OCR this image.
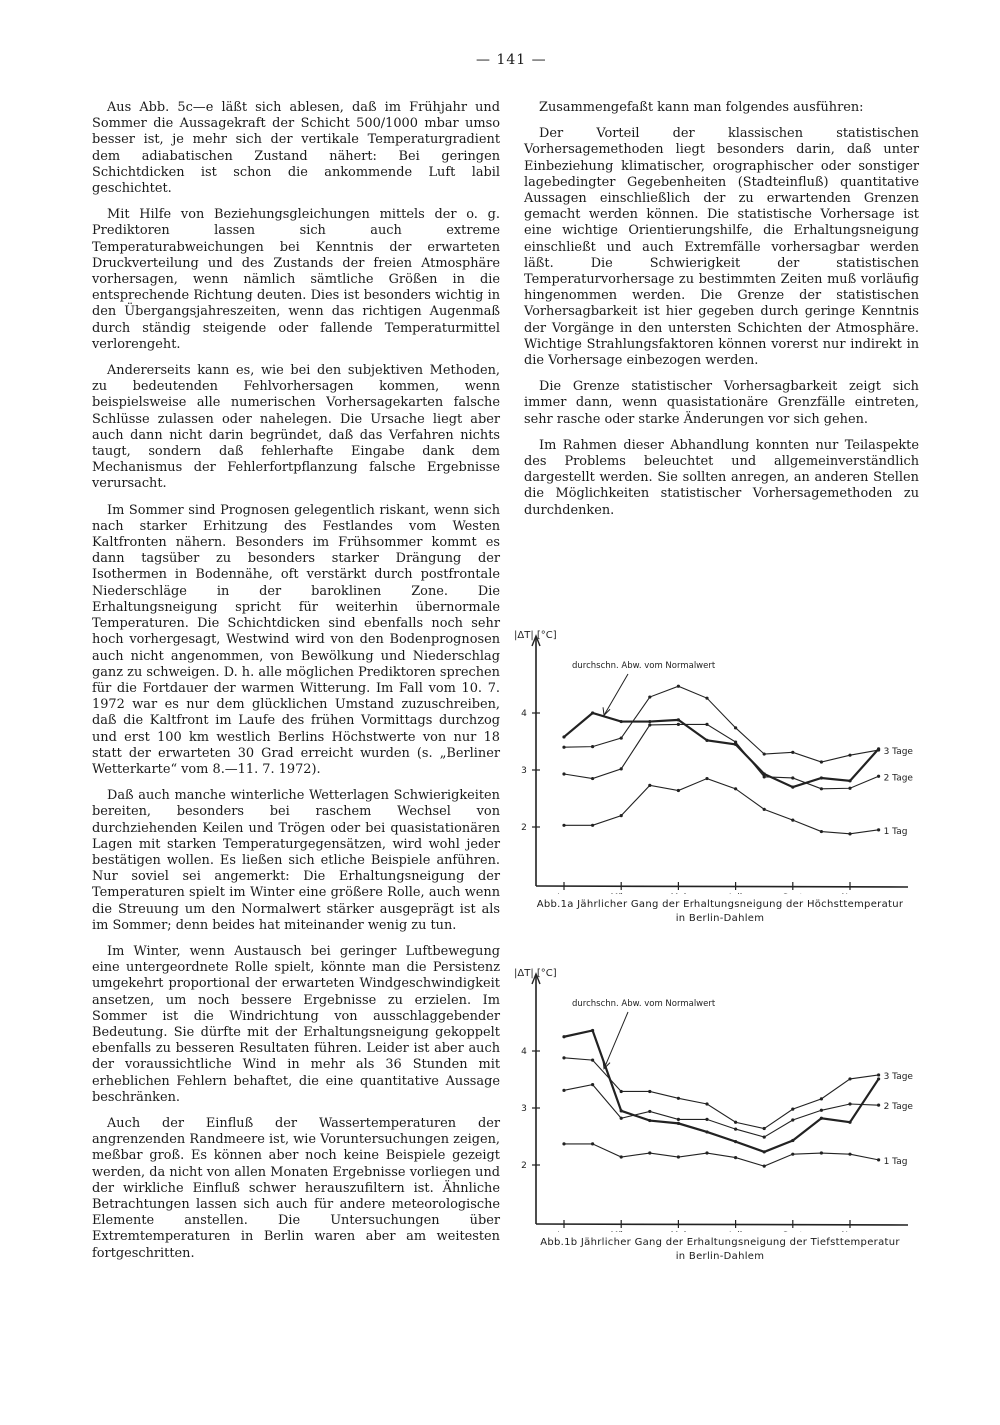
— 141 —

Aus Abb. 5c—e läßt sich ablesen, daß im Frühjahr und Sommer die Aussagekraft der Schicht 500/1000 mbar umso besser ist, je mehr sich der vertikale Temperaturgradient dem adiabatischen Zustand nähert: Bei geringen Schichtdicken ist schon die ankommende Luft labil geschichtet.

Mit Hilfe von Beziehungsgleichungen mittels der o. g. Prediktoren lassen sich auch extreme Temperaturabweichungen bei Kenntnis der erwarteten Druckverteilung und des Zustands der freien Atmosphäre vorhersagen, wenn nämlich sämtliche Größen in die entsprechende Richtung deuten. Dies ist besonders wichtig in den Übergangsjahreszeiten, wenn das richtigen Augenmaß durch ständig steigende oder fallende Temperaturmittel verlorengeht.

Andererseits kann es, wie bei den subjektiven Methoden, zu bedeutenden Fehlvorhersagen kommen, wenn beispielsweise alle numerischen Vorhersagekarten falsche Schlüsse zulassen oder nahelegen. Die Ursache liegt aber auch dann nicht darin begründet, daß das Verfahren nichts taugt, sondern daß fehlerhafte Eingabe dank dem Mechanismus der Fehlerfortpflanzung falsche Ergebnisse verursacht.

Im Sommer sind Prognosen gelegentlich riskant, wenn sich nach starker Erhitzung des Festlandes vom Westen Kaltfronten nähern. Besonders im Frühsommer kommt es dann tagsüber zu besonders starker Drängung der Isothermen in Bodennähe, oft verstärkt durch postfrontale Niederschläge in der baroklinen Zone. Die Erhaltungsneigung spricht für weiterhin übernormale Temperaturen. Die Schichtdicken sind ebenfalls noch sehr hoch vorhergesagt, Westwind wird von den Bodenprognosen auch nicht angenommen, von Bewölkung und Niederschlag ganz zu schweigen. D. h. alle möglichen Prediktoren sprechen für die Fortdauer der warmen Witterung. Im Fall vom 10. 7. 1972 war es nur dem glücklichen Umstand zuzuschreiben, daß die Kaltfront im Laufe des frühen Vormittags durchzog und erst 100 km westlich Berlins Höchstwerte von nur 18 statt der erwarteten 30 Grad erreicht wurden (s. „Berliner Wetterkarte“ vom 8.—11. 7. 1972).

Daß auch manche winterliche Wetterlagen Schwierigkeiten bereiten, besonders bei raschem Wechsel von durchziehenden Keilen und Trögen oder bei quasistationären Lagen mit starken Temperaturgegensätzen, wird wohl jeder bestätigen wollen. Es ließen sich etliche Beispiele anführen. Nur soviel sei angemerkt: Die Erhaltungsneigung der Temperaturen spielt im Winter eine größere Rolle, auch wenn die Streuung um den Normalwert stärker ausgeprägt ist als im Sommer; denn beides hat miteinander wenig zu tun.

Im Winter, wenn Austausch bei geringer Luftbewegung eine untergeordnete Rolle spielt, könnte man die Persistenz umgekehrt proportional der erwarteten Windgeschwindigkeit ansetzen, um noch bessere Ergebnisse zu erzielen. Im Sommer ist die Windrichtung von ausschlaggebender Bedeutung. Sie dürfte mit der Erhaltungsneigung gekoppelt ebenfalls zu besseren Resultaten führen. Leider ist aber auch der voraussichtliche Wind in mehr als 36 Stunden mit erheblichen Fehlern behaftet, die eine quantitative Aussage beschränken.

Auch der Einfluß der Wassertemperaturen der angrenzenden Randmeere ist, wie Voruntersuchungen zeigen, meßbar groß. Es können aber noch keine Beispiele gezeigt werden, da nicht von allen Monaten Ergebnisse vorliegen und der wirkliche Einfluß schwer herauszufiltern ist. Ähnliche Betrachtungen lassen sich auch für andere meteorologische Elemente anstellen. Die Untersuchungen über Extremtemperaturen in Berlin waren aber am weitesten fortgeschritten.

Zusammengefaßt kann man folgendes ausführen:

Der Vorteil der klassischen statistischen Vorhersagemethoden liegt besonders darin, daß unter Einbeziehung klimatischer, orographischer oder sonstiger lagebedingter Gegebenheiten (Stadteinfluß) quantitative Aussagen einschließlich der zu erwartenden Grenzen gemacht werden können. Die statistische Vorhersage ist eine wichtige Orientierungshilfe, die Erhaltungsneigung einschließt und auch Extremfälle vorhersagbar werden läßt. Die Schwierigkeit der statistischen Temperaturvorhersage zu bestimmten Zeiten muß vorläufig hingenommen werden. Die Grenze der statistischen Vorhersagbarkeit ist hier gegeben durch geringe Kenntnis der Vorgänge in den untersten Schichten der Atmosphäre. Wichtige Strahlungsfaktoren können vorerst nur indirekt in die Vorhersage einbezogen werden.

Die Grenze statistischer Vorhersagbarkeit zeigt sich immer dann, wenn quasistationäre Grenzfälle eintreten, sehr rasche oder starke Änderungen vor sich gehen.

Im Rahmen dieser Abhandlung konnten nur Teilaspekte des Problems beleuchtet und allgemeinverständlich dargestellt werden. Sie sollten anregen, an anderen Stellen die Möglichkeiten statistischer Vorhersagemethoden zu durchdenken.

|ΔT| [°C]
2
3
4
3 Tage
2 Tage
1 Tag
durchschn. Abw. vom Normalwert
Abb.1a Jährlicher Gang der Erhaltungsneigung der Höchsttemperatur
in Berlin-Dahlem
|ΔT| [°C]
2
3
4
3 Tage
2 Tage
1 Tag
durchschn. Abw. vom Normalwert
Abb.1b Jährlicher Gang der Erhaltungsneigung der Tiefsttemperatur
in Berlin-Dahlem
